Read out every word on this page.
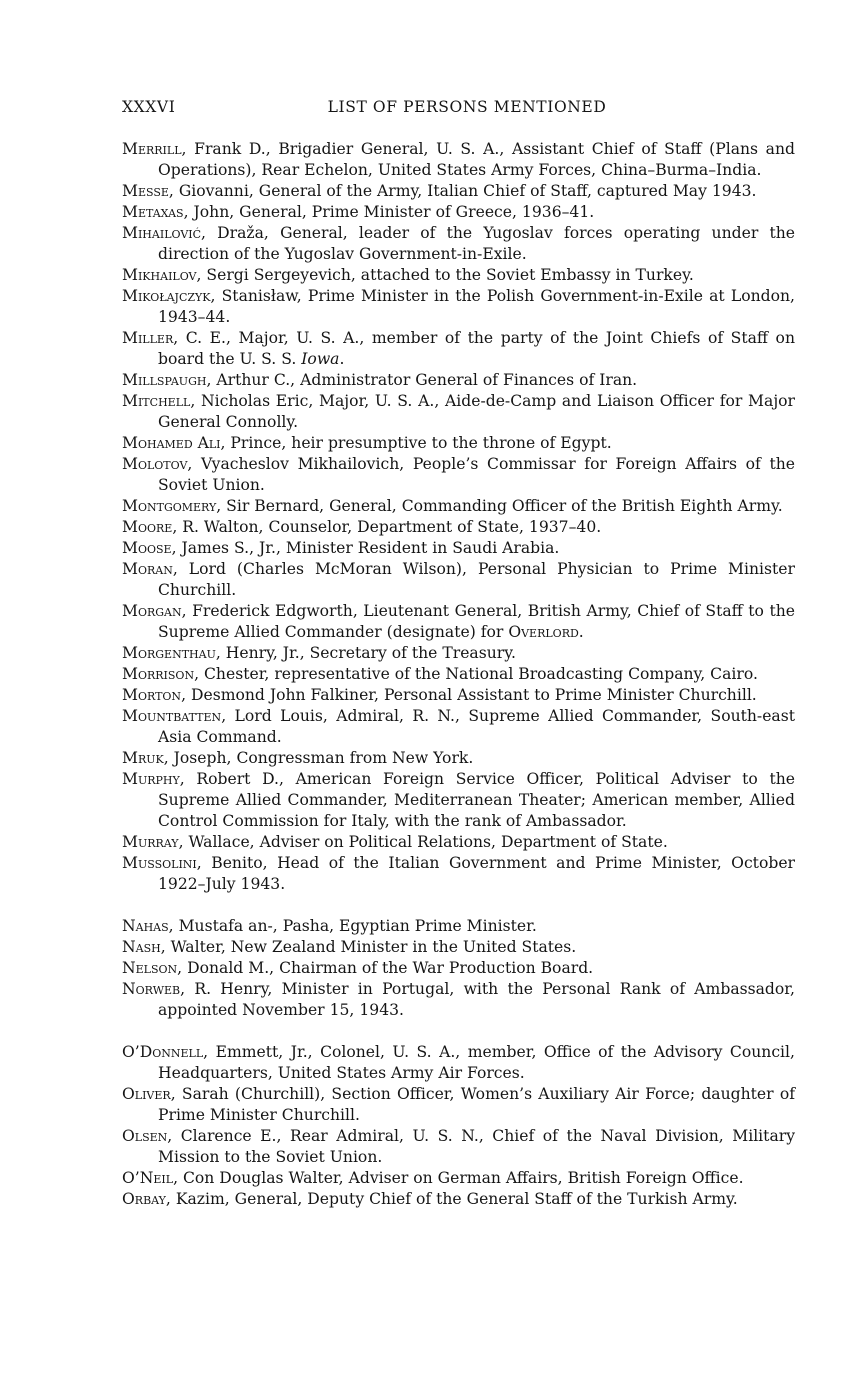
XXXVI	LIST OF PERSONS MENTIONED

Merrill, Frank D., Brigadier General, U. S. A., Assistant Chief of Staff (Plans and Operations), Rear Echelon, United States Army Forces, China–Burma–India.

Messe, Giovanni, General of the Army, Italian Chief of Staff, captured May 1943.

Metaxas, John, General, Prime Minister of Greece, 1936–41.

Mihailović, Draža, General, leader of the Yugoslav forces operating under the direction of the Yugoslav Government-in-Exile.

Mikhailov, Sergi Sergeyevich, attached to the Soviet Embassy in Turkey.

Mikołajczyk, Stanisław, Prime Minister in the Polish Government-in-Exile at London, 1943–44.

Miller, C. E., Major, U. S. A., member of the party of the Joint Chiefs of Staff on board the U. S. S. Iowa.

Millspaugh, Arthur C., Administrator General of Finances of Iran.

Mitchell, Nicholas Eric, Major, U. S. A., Aide-de-Camp and Liaison Officer for Major General Connolly.

Mohamed Ali, Prince, heir presumptive to the throne of Egypt.

Molotov, Vyacheslov Mikhailovich, People’s Commissar for Foreign Affairs of the Soviet Union.

Montgomery, Sir Bernard, General, Commanding Officer of the British Eighth Army.

Moore, R. Walton, Counselor, Department of State, 1937–40.

Moose, James S., Jr., Minister Resident in Saudi Arabia.

Moran, Lord (Charles McMoran Wilson), Personal Physician to Prime Minister Churchill.

Morgan, Frederick Edgworth, Lieutenant General, British Army, Chief of Staff to the Supreme Allied Commander (designate) for Overlord.

Morgenthau, Henry, Jr., Secretary of the Treasury.

Morrison, Chester, representative of the National Broadcasting Company, Cairo.

Morton, Desmond John Falkiner, Personal Assistant to Prime Minister Churchill.

Mountbatten, Lord Louis, Admiral, R. N., Supreme Allied Commander, South-east Asia Command.

Mruk, Joseph, Congressman from New York.

Murphy, Robert D., American Foreign Service Officer, Political Adviser to the Supreme Allied Commander, Mediterranean Theater; American member, Allied Control Commission for Italy, with the rank of Ambassador.

Murray, Wallace, Adviser on Political Relations, Department of State.

Mussolini, Benito, Head of the Italian Government and Prime Minister, October 1922–July 1943.

Nahas, Mustafa an-, Pasha, Egyptian Prime Minister.

Nash, Walter, New Zealand Minister in the United States.

Nelson, Donald M., Chairman of the War Production Board.

Norweb, R. Henry, Minister in Portugal, with the Personal Rank of Ambassador, appointed November 15, 1943.

O’Donnell, Emmett, Jr., Colonel, U. S. A., member, Office of the Advisory Council, Headquarters, United States Army Air Forces.

Oliver, Sarah (Churchill), Section Officer, Women’s Auxiliary Air Force; daughter of Prime Minister Churchill.

Olsen, Clarence E., Rear Admiral, U. S. N., Chief of the Naval Division, Military Mission to the Soviet Union.

O’Neil, Con Douglas Walter, Adviser on German Affairs, British Foreign Office.

Orbay, Kazim, General, Deputy Chief of the General Staff of the Turkish Army.
